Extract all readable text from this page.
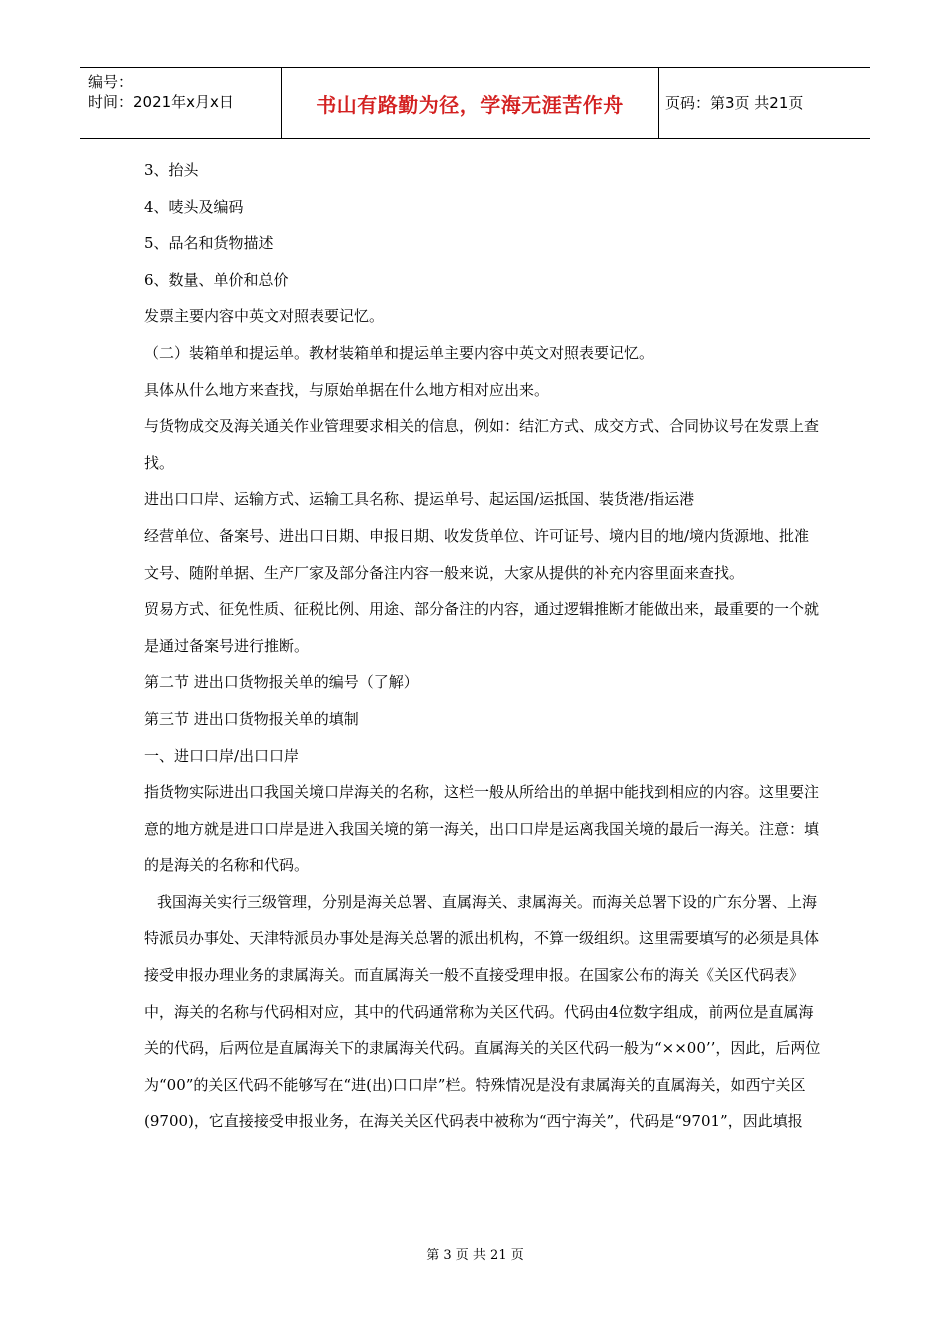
编号：
时间：2021年x月x日	书山有路勤为径，学海无涯苦作舟	页码：第3页 共21页

3、抬头

4、唛头及编码

5、品名和货物描述

6、数量、单价和总价

发票主要内容中英文对照表要记忆。

（二）装箱单和提运单。教材装箱单和提运单主要内容中英文对照表要记忆。

具体从什么地方来查找，与原始单据在什么地方相对应出来。

与货物成交及海关通关作业管理要求相关的信息，例如：结汇方式、成交方式、合同协议号在发票上查找。

进出口口岸、运输方式、运输工具名称、提运单号、起运国/运抵国、装货港/指运港

经营单位、备案号、进出口日期、申报日期、收发货单位、许可证号、境内目的地/境内货源地、批准文号、随附单据、生产厂家及部分备注内容一般来说，大家从提供的补充内容里面来查找。

贸易方式、征免性质、征税比例、用途、部分备注的内容，通过逻辑推断才能做出来，最重要的一个就是通过备案号进行推断。

第二节 进出口货物报关单的编号（了解）

第三节 进出口货物报关单的填制

一、进口口岸/出口口岸

指货物实际进出口我国关境口岸海关的名称，这栏一般从所给出的单据中能找到相应的内容。这里要注意的地方就是进口口岸是进入我国关境的第一海关，出口口岸是运离我国关境的最后一海关。注意：填的是海关的名称和代码。

我国海关实行三级管理，分别是海关总署、直属海关、隶属海关。而海关总署下设的广东分署、上海特派员办事处、天津特派员办事处是海关总署的派出机构，不算一级组织。这里需要填写的必须是具体接受申报办理业务的隶属海关。而直属海关一般不直接受理申报。在国家公布的海关《关区代码表》中，海关的名称与代码相对应，其中的代码通常称为关区代码。代码由4位数字组成，前两位是直属海关的代码，后两位是直属海关下的隶属海关代码。直属海关的关区代码一般为“××00’’，因此，后两位为“00”的关区代码不能够写在“进(出)口口岸”栏。特殊情况是没有隶属海关的直属海关，如西宁关区(9700)，它直接接受申报业务，在海关关区代码表中被称为“西宁海关”，代码是“9701”，因此填报

第 3 页 共 21 页
